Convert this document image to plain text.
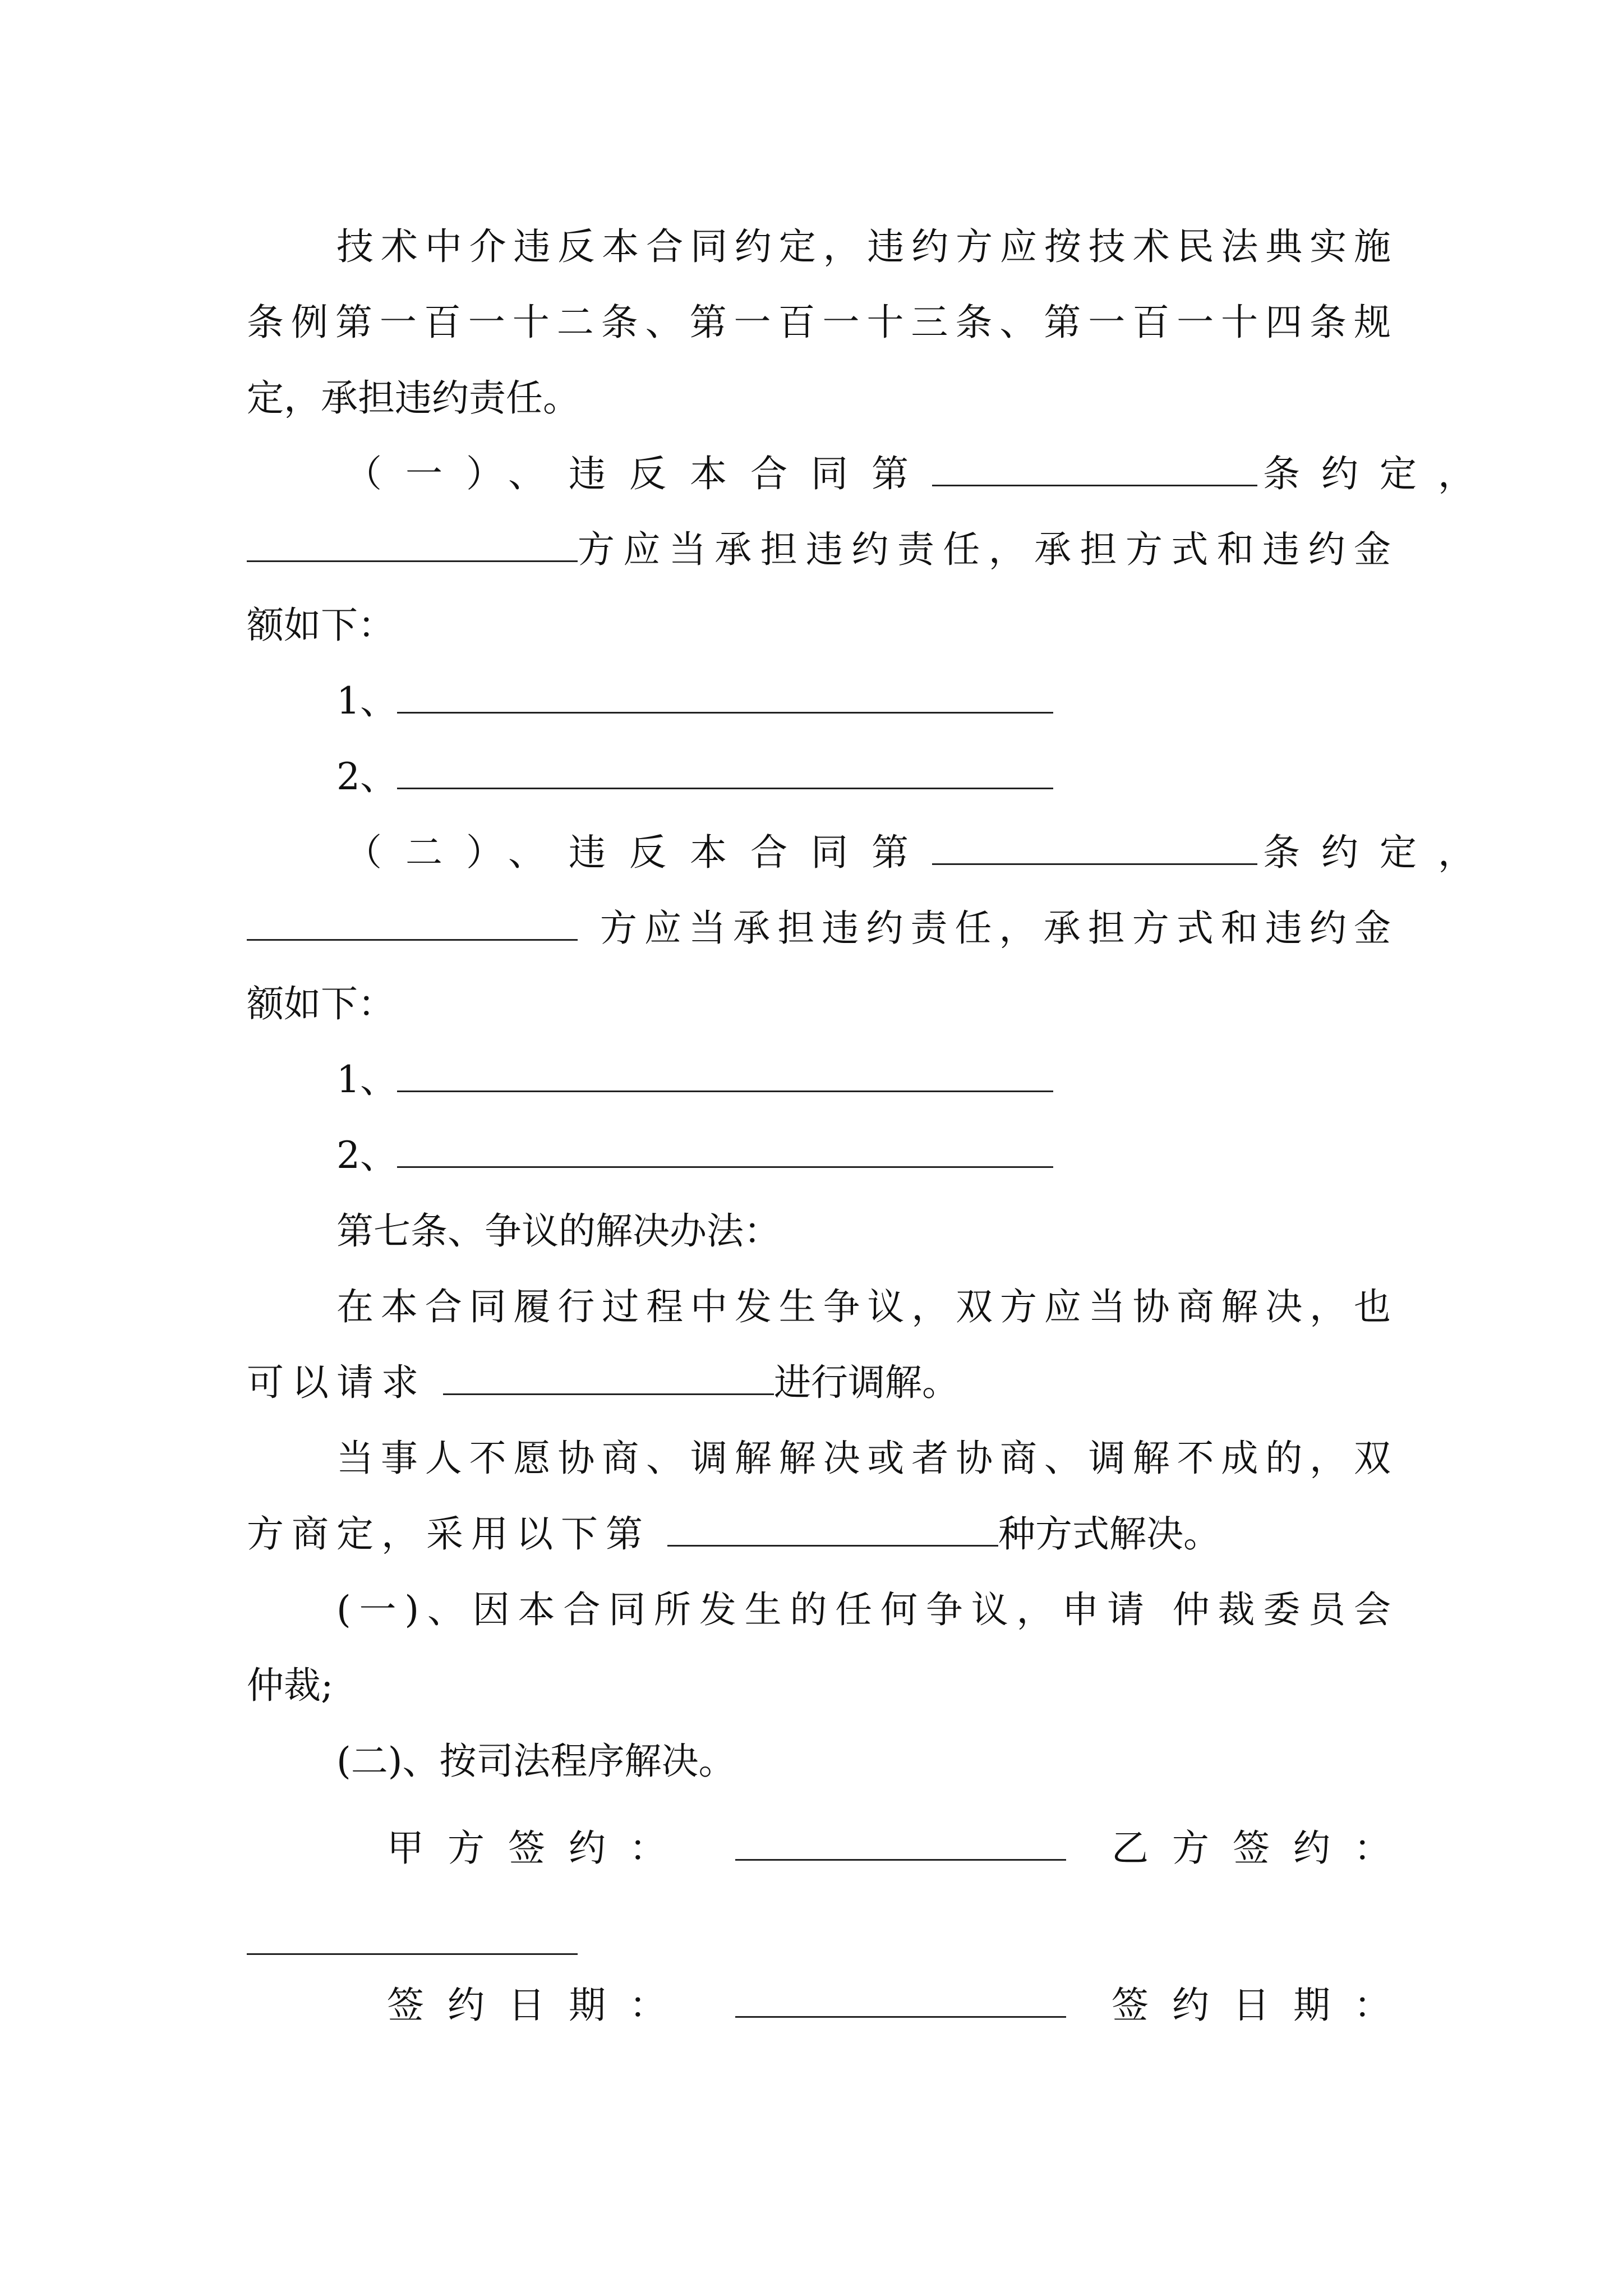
技术中介违反本合同约定，违约方应按技术民法典实施
条例第一百一十二条、第一百一十三条、第一百一十四条规
定，承担违约责任。
（一）、违反本合同第	条约定，
方应当承担违约责任，承担方式和违约金
额如下：
1、
2、
（二）、违反本合同第	条约定，
方应当承担违约责任，承担方式和违约金
额如下：
1、
2、
第七条、争议的解决办法：
在本合同履行过程中发生争议，双方应当协商解决，也
可以请求	进行调解。
当事人不愿协商、调解解决或者协商、调解不成的，双
方商定，采用以下第	种方式解决。
(一)、因本合同所发生的任何争议，申请 仲裁委员会
仲裁;
(二)、按司法程序解决。
甲方签约：	乙方签约：
签约日期：	签约日期：
